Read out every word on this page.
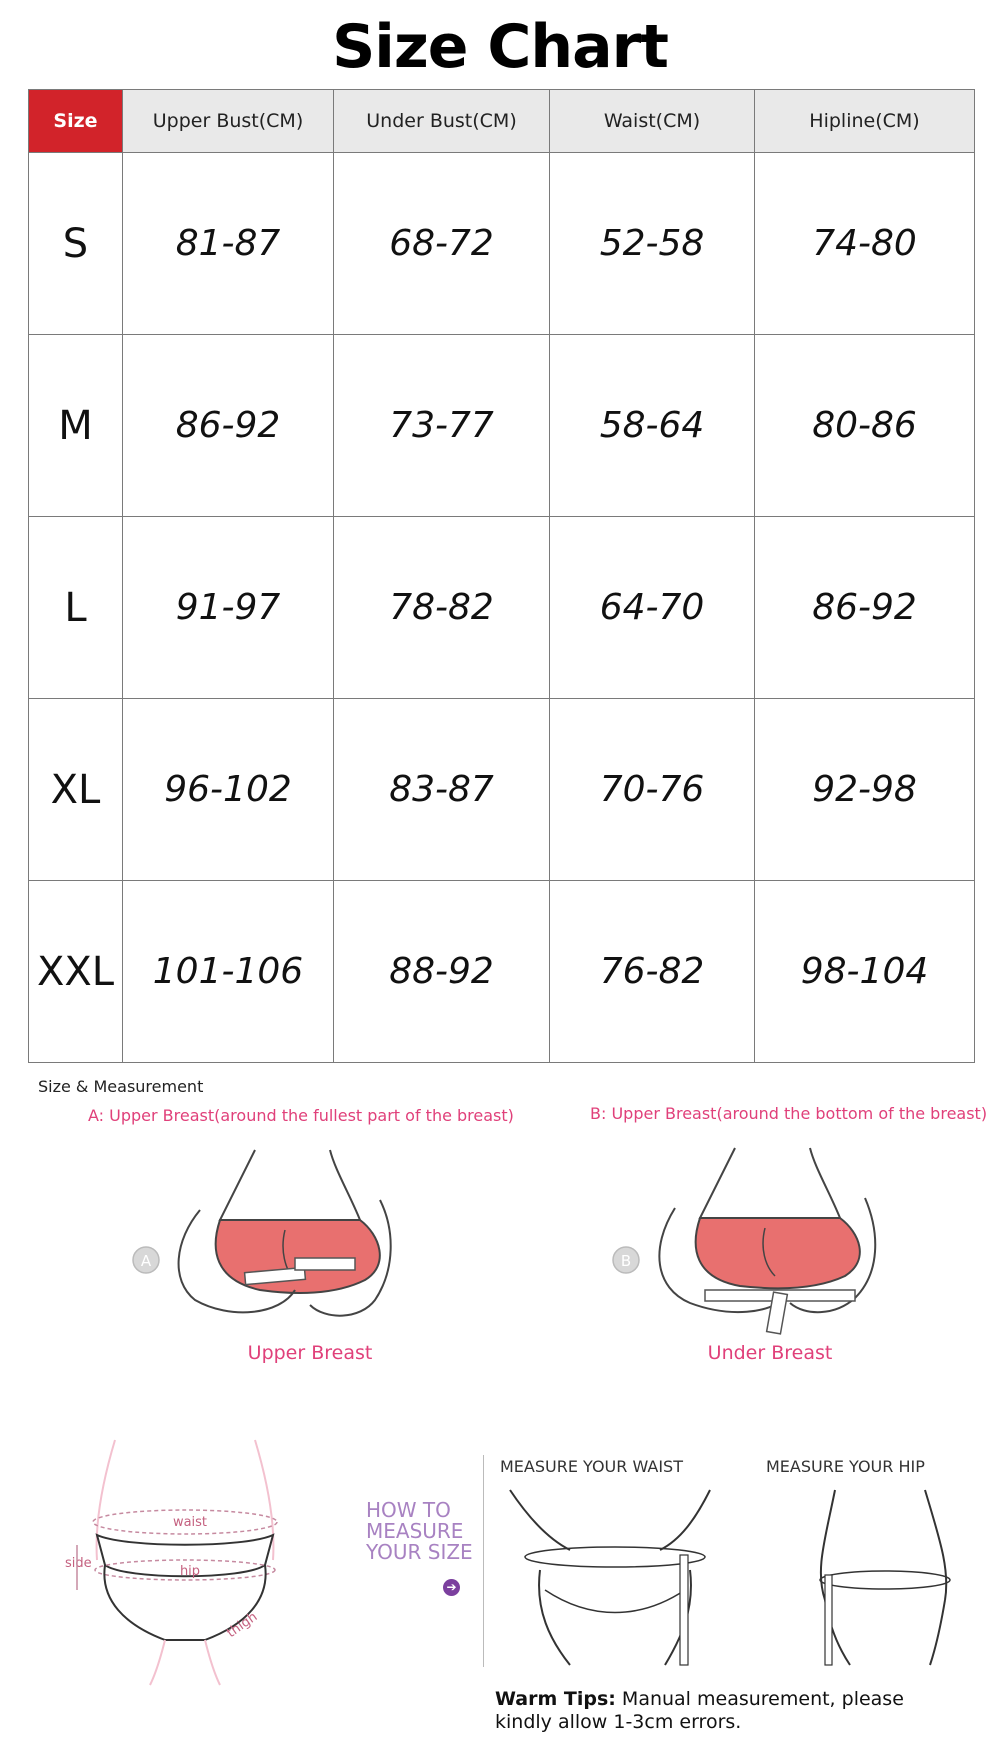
Size Chart
Size	Upper Bust(CM)	Under Bust(CM)	Waist(CM)	Hipline(CM)
S	81-87	68-72	52-58	74-80
M	86-92	73-77	58-64	80-86
L	91-97	78-82	64-70	86-92
XL	96-102	83-87	70-76	92-98
XXL	101-106	88-92	76-82	98-104
Size & Measurement
A: Upper Breast(around the fullest part of the breast)	B: Upper Breast(around the bottom of the breast)
A
Upper Breast
B
Under Breast
waist
hip
side
thigh
HOW TO MEASURE YOUR SIZE
➔
MEASURE YOUR WAIST	MEASURE YOUR HIP
Warm Tips: Manual measurement, please kindly allow 1-3cm errors.
